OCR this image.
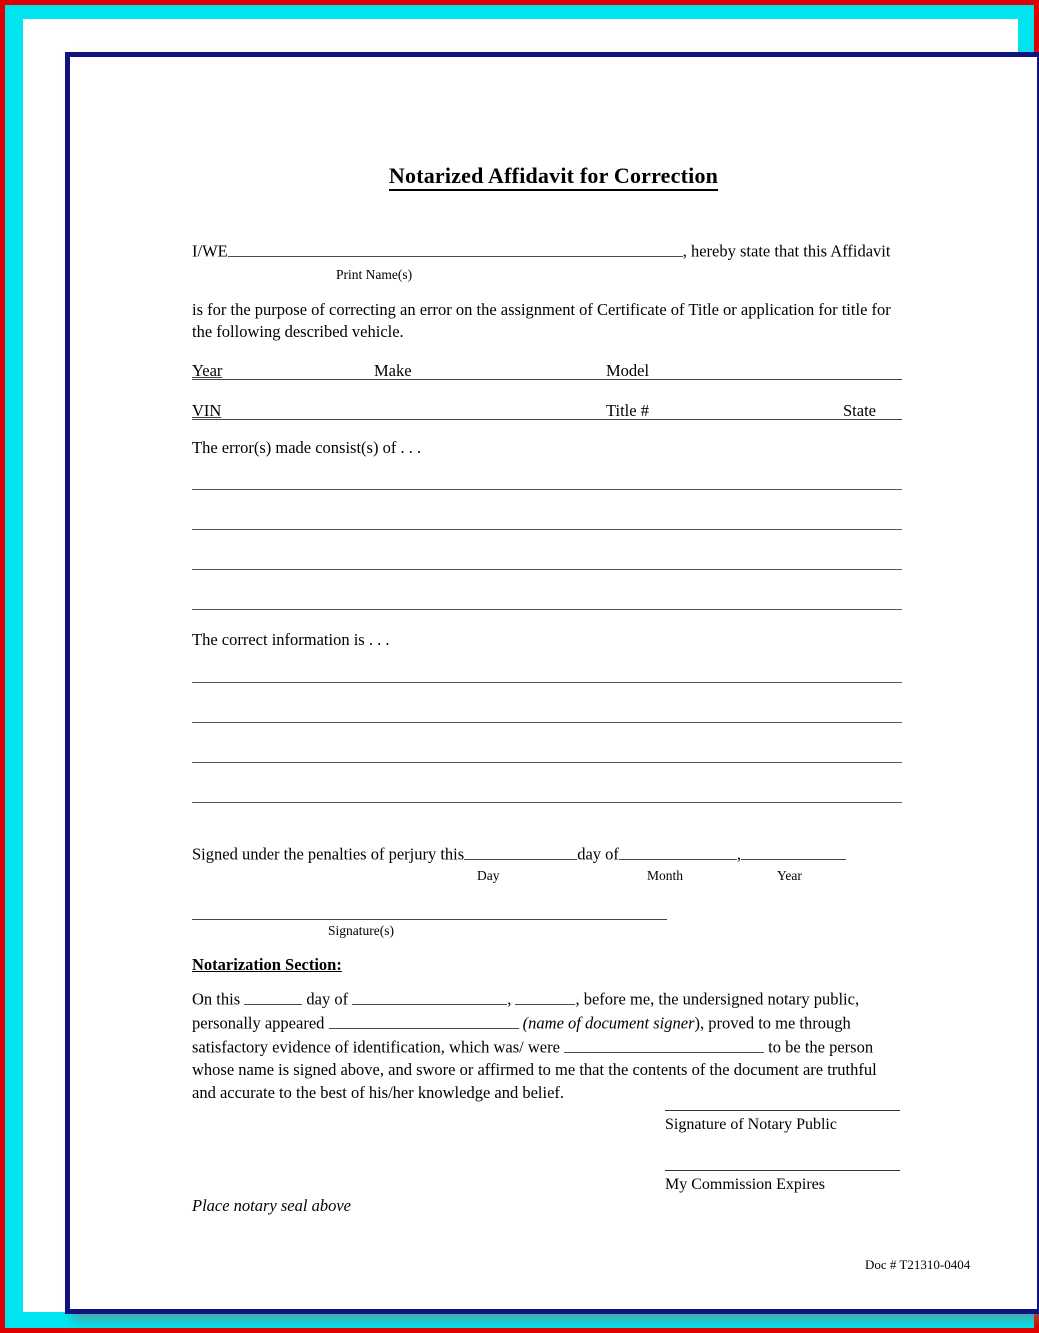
Notarized Affidavit for Correction
I/WE	, hereby state that this Affidavit
Print Name(s)
is for the purpose of correcting an error on the assignment of Certificate of Title or application for title for the following described vehicle.
Year	Make	Model
VIN	Title #	State
The error(s) made consist(s) of . . .
The correct information is . . .
Signed under the penalties of perjury this	day of	,
Day	Month	Year
Signature(s)
Notarization Section:
On this	day of	,	, before me, the undersigned notary public, personally appeared	(name of document signer), proved to me through satisfactory evidence of identification, which was/ were	to be the person whose name is signed above, and swore or affirmed to me that the contents of the document are truthful and accurate to the best of his/her knowledge and belief.
Signature of Notary Public
My Commission Expires
Place notary seal above
Doc # T21310-0404
